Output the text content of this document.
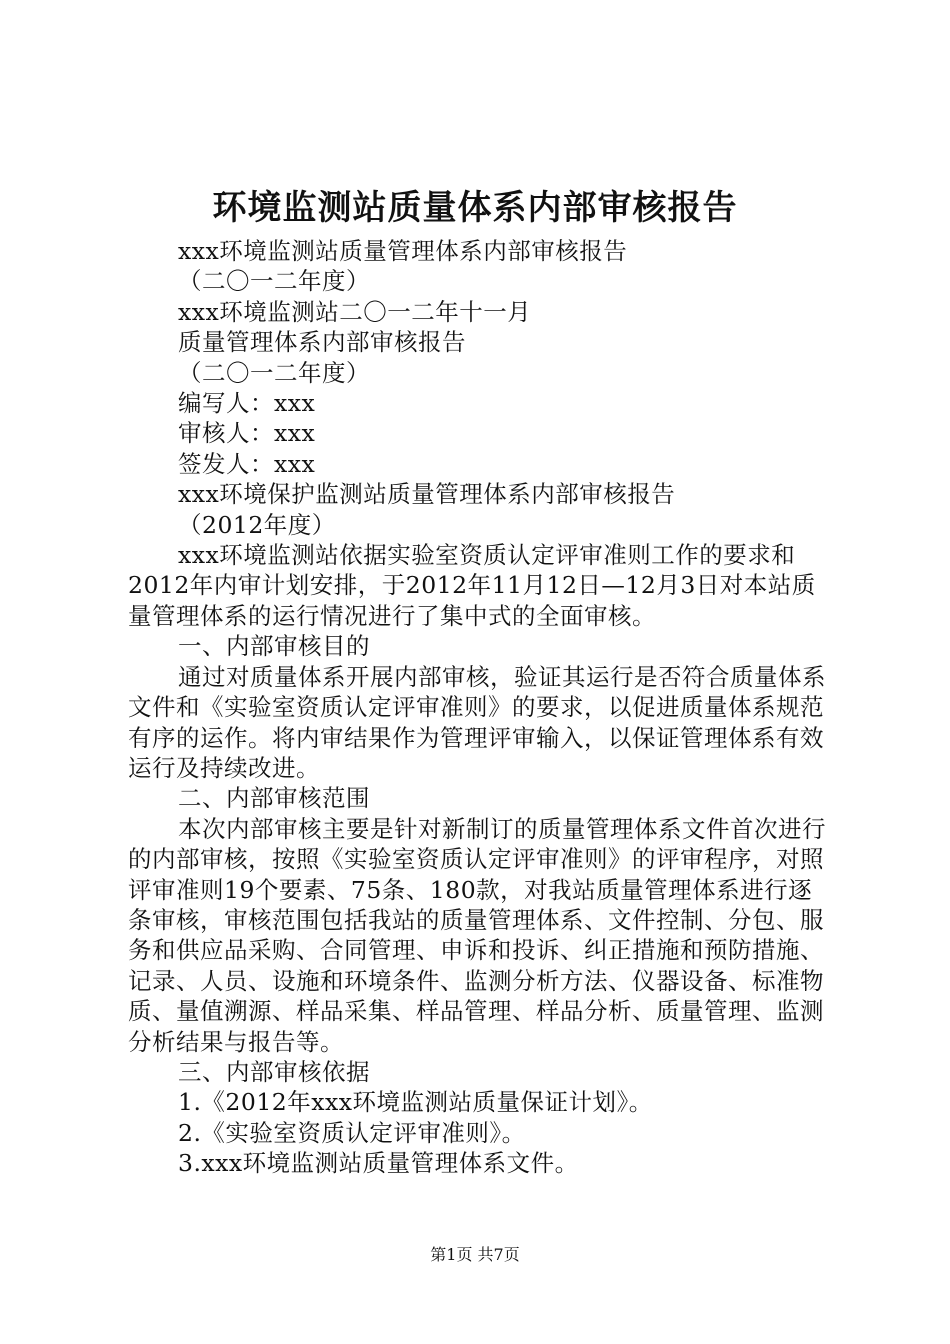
环境监测站质量体系内部审核报告

xxx环境监测站质量管理体系内部审核报告

（二〇一二年度）

xxx环境监测站二〇一二年十一月

质量管理体系内部审核报告

（二〇一二年度）

编写人：xxx

审核人：xxx

签发人：xxx

xxx环境保护监测站质量管理体系内部审核报告

（2012年度）

xxx环境监测站依据实验室资质认定评审准则工作的要求和2012年内审计划安排，于2012年11月12日—12月3日对本站质量管理体系的运行情况进行了集中式的全面审核。

一、内部审核目的

通过对质量体系开展内部审核，验证其运行是否符合质量体系文件和《实验室资质认定评审准则》的要求，以促进质量体系规范有序的运作。将内审结果作为管理评审输入，以保证管理体系有效运行及持续改进。

二、内部审核范围

本次内部审核主要是针对新制订的质量管理体系文件首次进行的内部审核，按照《实验室资质认定评审准则》的评审程序，对照评审准则19个要素、75条、180款，对我站质量管理体系进行逐条审核，审核范围包括我站的质量管理体系、文件控制、分包、服务和供应品采购、合同管理、申诉和投诉、纠正措施和预防措施、记录、人员、设施和环境条件、监测分析方法、仪器设备、标准物质、量值溯源、样品采集、样品管理、样品分析、质量管理、监测分析结果与报告等。

三、内部审核依据

1.《2012年xxx环境监测站质量保证计划》。

2.《实验室资质认定评审准则》。

3.xxx环境监测站质量管理体系文件。

第1页 共7页
